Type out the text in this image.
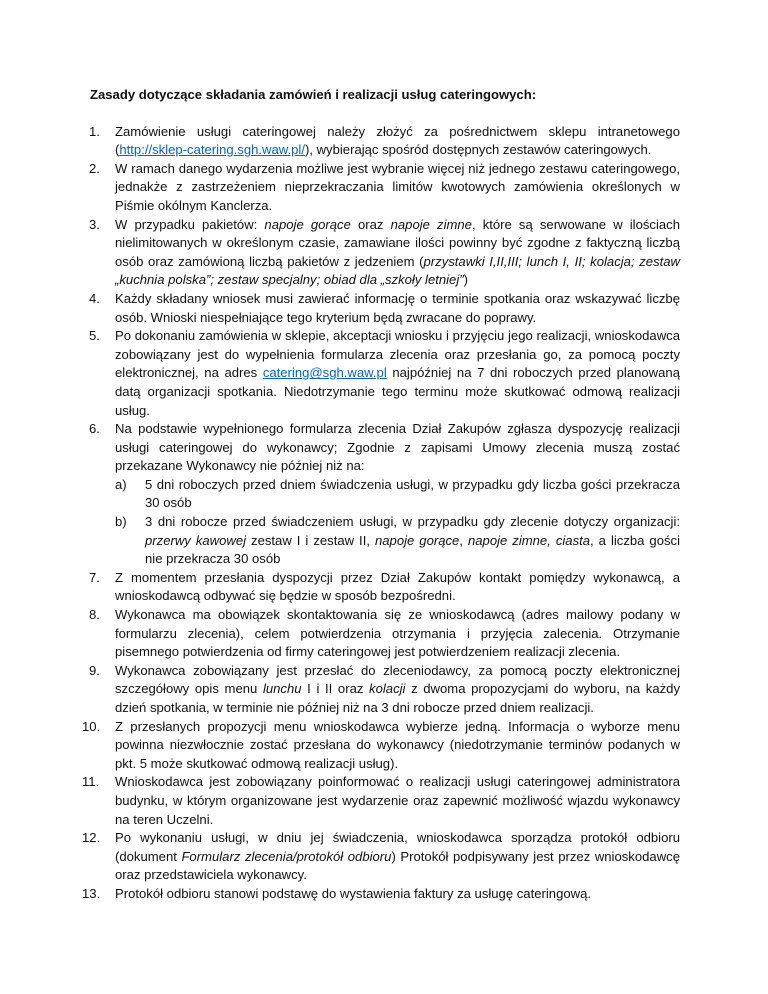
Zasady dotyczące składania zamówień i realizacji usług cateringowych:
1. Zamówienie usługi cateringowej należy złożyć za pośrednictwem sklepu intranetowego (http://sklep-catering.sgh.waw.pl/), wybierając spośród dostępnych zestawów cateringowych.
2. W ramach danego wydarzenia możliwe jest wybranie więcej niż jednego zestawu cateringowego, jednakże z zastrzeżeniem nieprzekraczania limitów kwotowych zamówienia określonych w Piśmie okólnym Kanclerza.
3. W przypadku pakietów: napoje gorące oraz napoje zimne, które są serwowane w ilościach nielimitowanych w określonym czasie, zamawiane ilości powinny być zgodne z faktyczną liczbą osób oraz zamówioną liczbą pakietów z jedzeniem (przystawki I,II,III; lunch I, II; kolacja; zestaw „kuchnia polska”; zestaw specjalny; obiad dla „szkoły letniej”)
4. Każdy składany wniosek musi zawierać informację o terminie spotkania oraz wskazywać liczbę osób. Wnioski niespełniające tego kryterium będą zwracane do poprawy.
5. Po dokonaniu zamówienia w sklepie, akceptacji wniosku i przyjęciu jego realizacji, wnioskodawca zobowiązany jest do wypełnienia formularza zlecenia oraz przesłania go, za pomocą poczty elektronicznej, na adres catering@sgh.waw.pl najpóźniej na 7 dni roboczych przed planowaną datą organizacji spotkania. Niedotrzymanie tego terminu może skutkować odmową realizacji usług.
6. Na podstawie wypełnionego formularza zlecenia Dział Zakupów zgłasza dyspozycję realizacji usługi cateringowej do wykonawcy; Zgodnie z zapisami Umowy zlecenia muszą zostać przekazane Wykonawcy nie później niż na:
a) 5 dni roboczych przed dniem świadczenia usługi, w przypadku gdy liczba gości przekracza 30 osób
b) 3 dni robocze przed świadczeniem usługi, w przypadku gdy zlecenie dotyczy organizacji: przerwy kawowej zestaw I i zestaw II, napoje gorące, napoje zimne, ciasta, a liczba gości nie przekracza 30 osób
7. Z momentem przesłania dyspozycji przez Dział Zakupów kontakt pomiędzy wykonawcą, a wnioskodawcą odbywać się będzie w sposób bezpośredni.
8. Wykonawca ma obowiązek skontaktowania się ze wnioskodawcą (adres mailowy podany w formularzu zlecenia), celem potwierdzenia otrzymania i przyjęcia zalecenia. Otrzymanie pisemnego potwierdzenia od firmy cateringowej jest potwierdzeniem realizacji zlecenia.
9. Wykonawca zobowiązany jest przesłać do zleceniodawcy, za pomocą poczty elektronicznej szczegółowy opis menu lunchu I i II oraz kolacji z dwoma propozycjami do wyboru, na każdy dzień spotkania, w terminie nie później niż na 3 dni robocze przed dniem realizacji.
10. Z przesłanych propozycji menu wnioskodawca wybierze jedną. Informacja o wyborze menu powinna niezwłocznie zostać przesłana do wykonawcy (niedotrzymanie terminów podanych w pkt. 5 może skutkować odmową realizacji usług).
11. Wnioskodawca jest zobowiązany poinformować o realizacji usługi cateringowej administratora budynku, w którym organizowane jest wydarzenie oraz zapewnić możliwość wjazdu wykonawcy na teren Uczelni.
12. Po wykonaniu usługi, w dniu jej świadczenia, wnioskodawca sporządza protokół odbioru (dokument Formularz zlecenia/protokół odbioru) Protokół podpisywany jest przez wnioskodawcę oraz przedstawiciela wykonawcy.
13. Protokół odbioru stanowi podstawę do wystawienia faktury za usługę cateringową.
